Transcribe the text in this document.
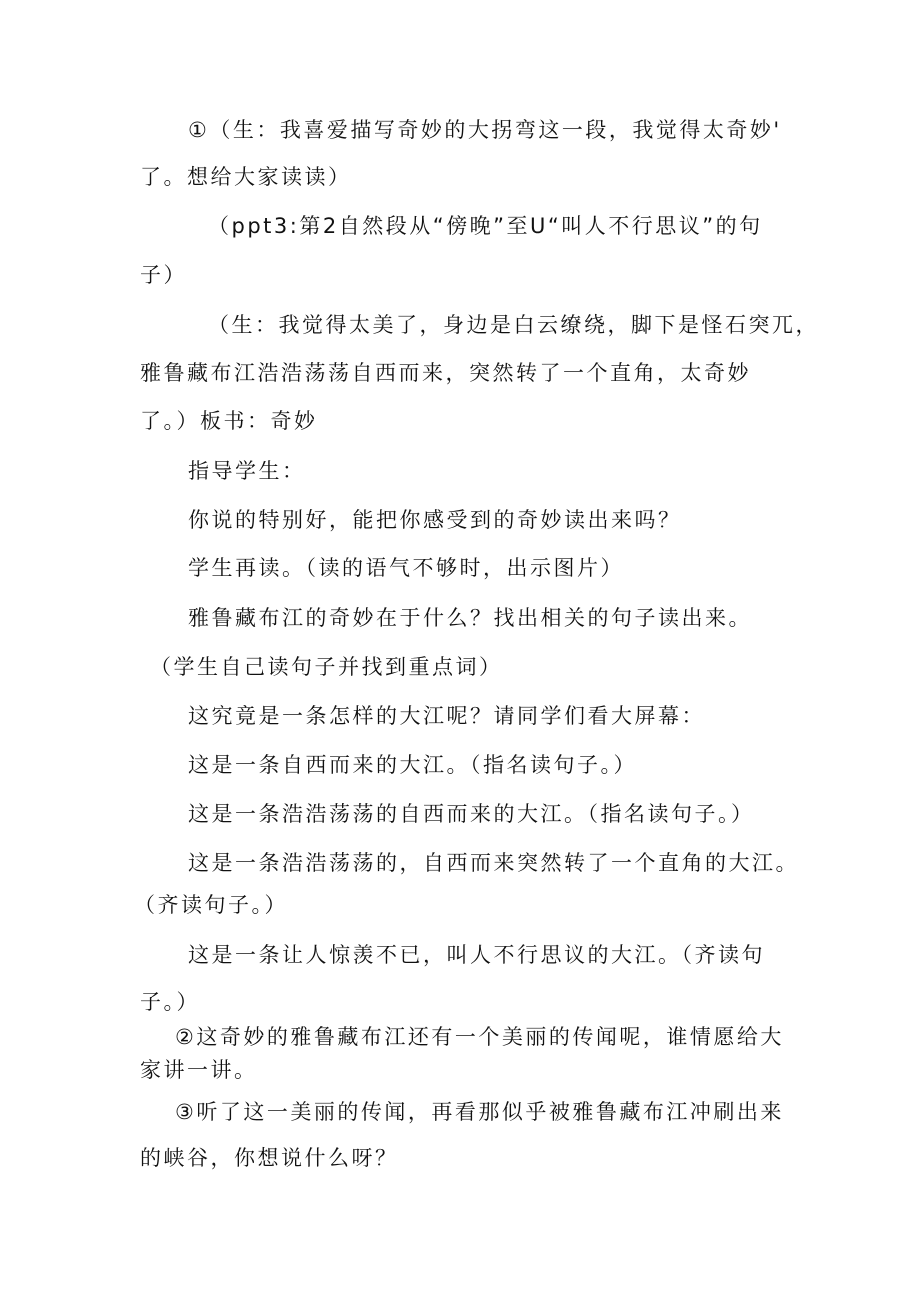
①（生：我喜爱描写奇妙的大拐弯这一段，我觉得太奇妙'
了。想给大家读读）
（ppt3:第2自然段从“傍晚”至U“叫人不行思议”的句
子）
（生：我觉得太美了，身边是白云缭绕，脚下是怪石突兀，
雅鲁藏布江浩浩荡荡自西而来，突然转了一个直角，太奇妙
了。）板书：奇妙
指导学生：
你说的特别好，能把你感受到的奇妙读出来吗？
学生再读。（读的语气不够时，出示图片）
雅鲁藏布江的奇妙在于什么？找出相关的句子读出来。
（学生自己读句子并找到重点词）
这究竟是一条怎样的大江呢？请同学们看大屏幕：
这是一条自西而来的大江。（指名读句子。）
这是一条浩浩荡荡的自西而来的大江。（指名读句子。）
这是一条浩浩荡荡的，自西而来突然转了一个直角的大江。
（齐读句子。）
这是一条让人惊羡不已，叫人不行思议的大江。（齐读句
子。）
②这奇妙的雅鲁藏布江还有一个美丽的传闻呢，谁情愿给大
家讲一讲。
③听了这一美丽的传闻，再看那似乎被雅鲁藏布江冲刷出来
的峡谷，你想说什么呀？
